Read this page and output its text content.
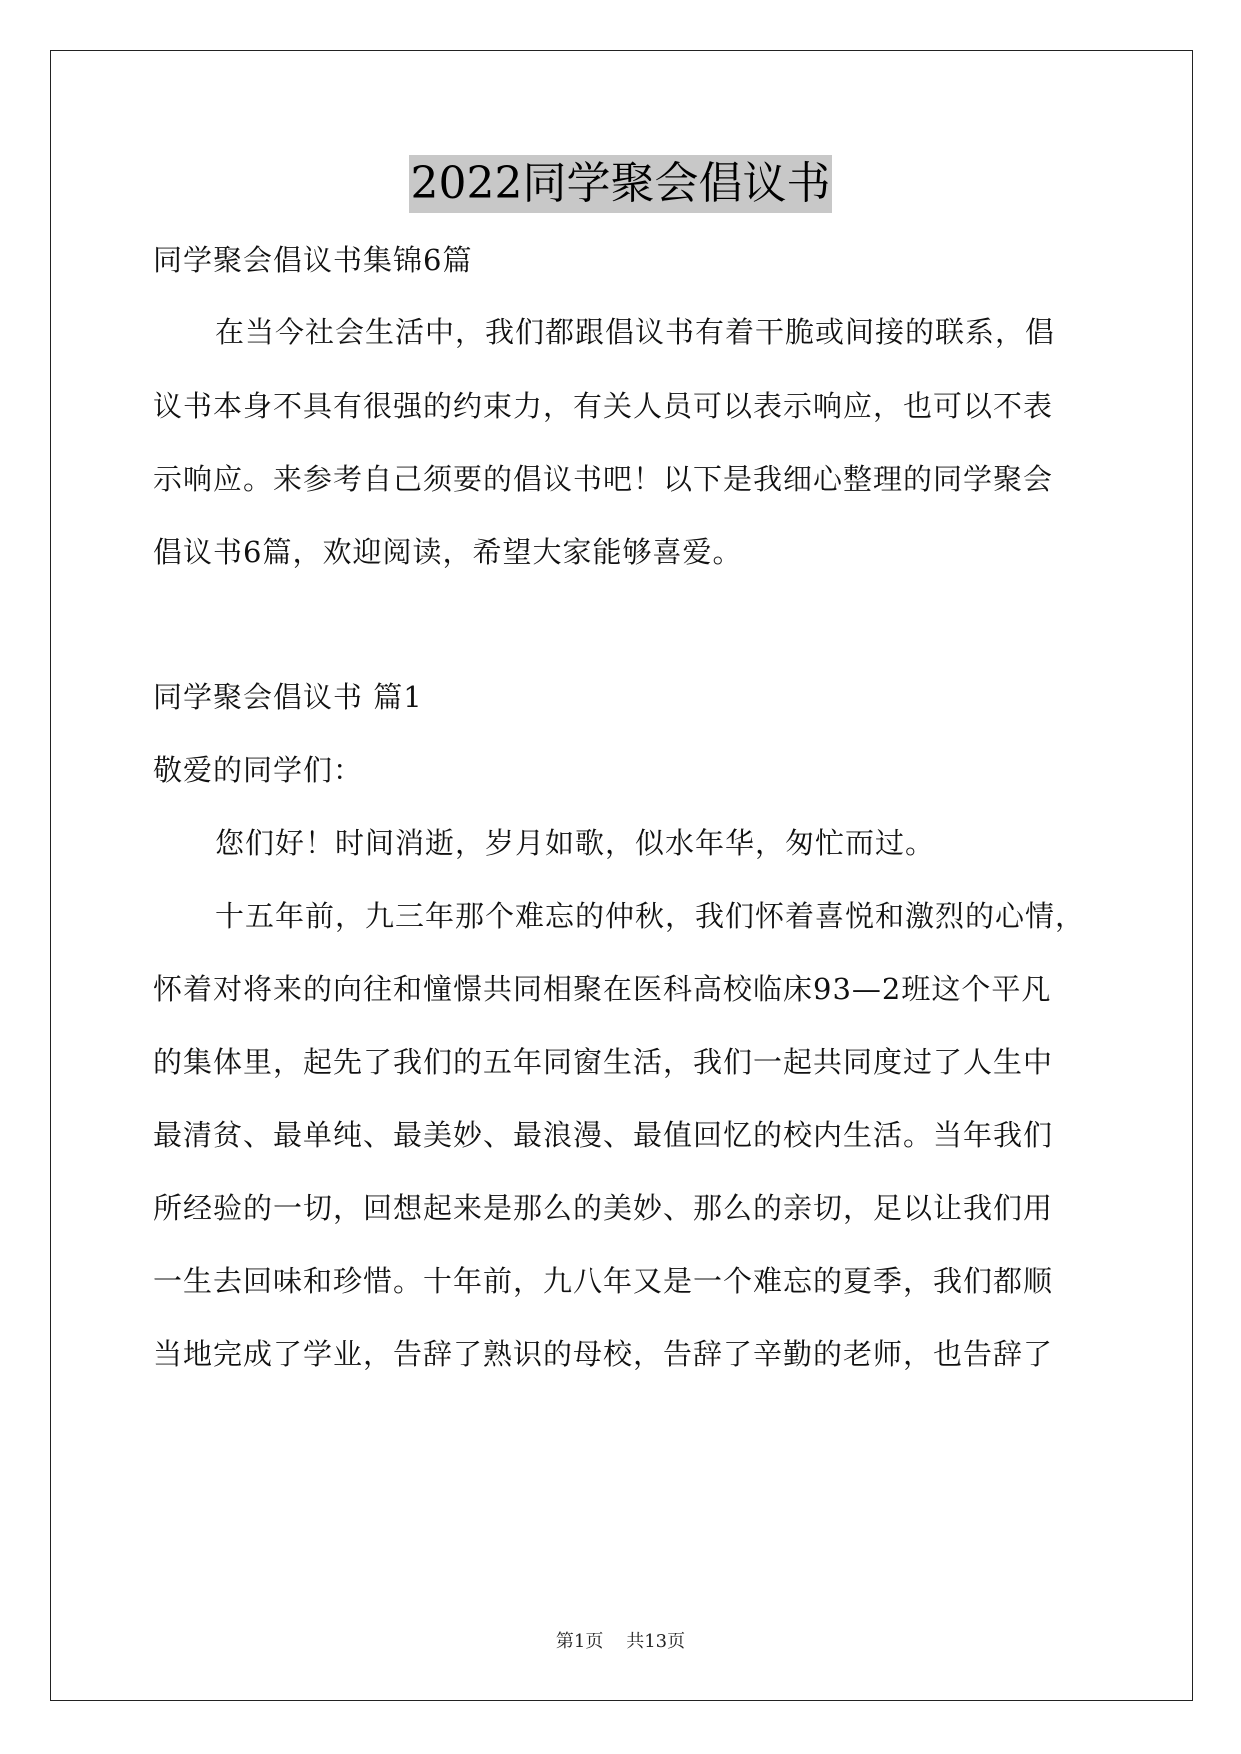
2022同学聚会倡议书
同学聚会倡议书集锦6篇
在当今社会生活中，我们都跟倡议书有着干脆或间接的联系，倡
议书本身不具有很强的约束力，有关人员可以表示响应，也可以不表
示响应。来参考自己须要的倡议书吧！以下是我细心整理的同学聚会
倡议书6篇，欢迎阅读，希望大家能够喜爱。
同学聚会倡议书 篇1
敬爱的同学们：
您们好！时间消逝，岁月如歌，似水年华，匆忙而过。
十五年前，九三年那个难忘的仲秋，我们怀着喜悦和激烈的心情，
怀着对将来的向往和憧憬共同相聚在医科高校临床93—2班这个平凡
的集体里，起先了我们的五年同窗生活，我们一起共同度过了人生中
最清贫、最单纯、最美妙、最浪漫、最值回忆的校内生活。当年我们
所经验的一切，回想起来是那么的美妙、那么的亲切，足以让我们用
一生去回味和珍惜。十年前，九八年又是一个难忘的夏季，我们都顺
当地完成了学业，告辞了熟识的母校，告辞了辛勤的老师，也告辞了
第1页 共13页
